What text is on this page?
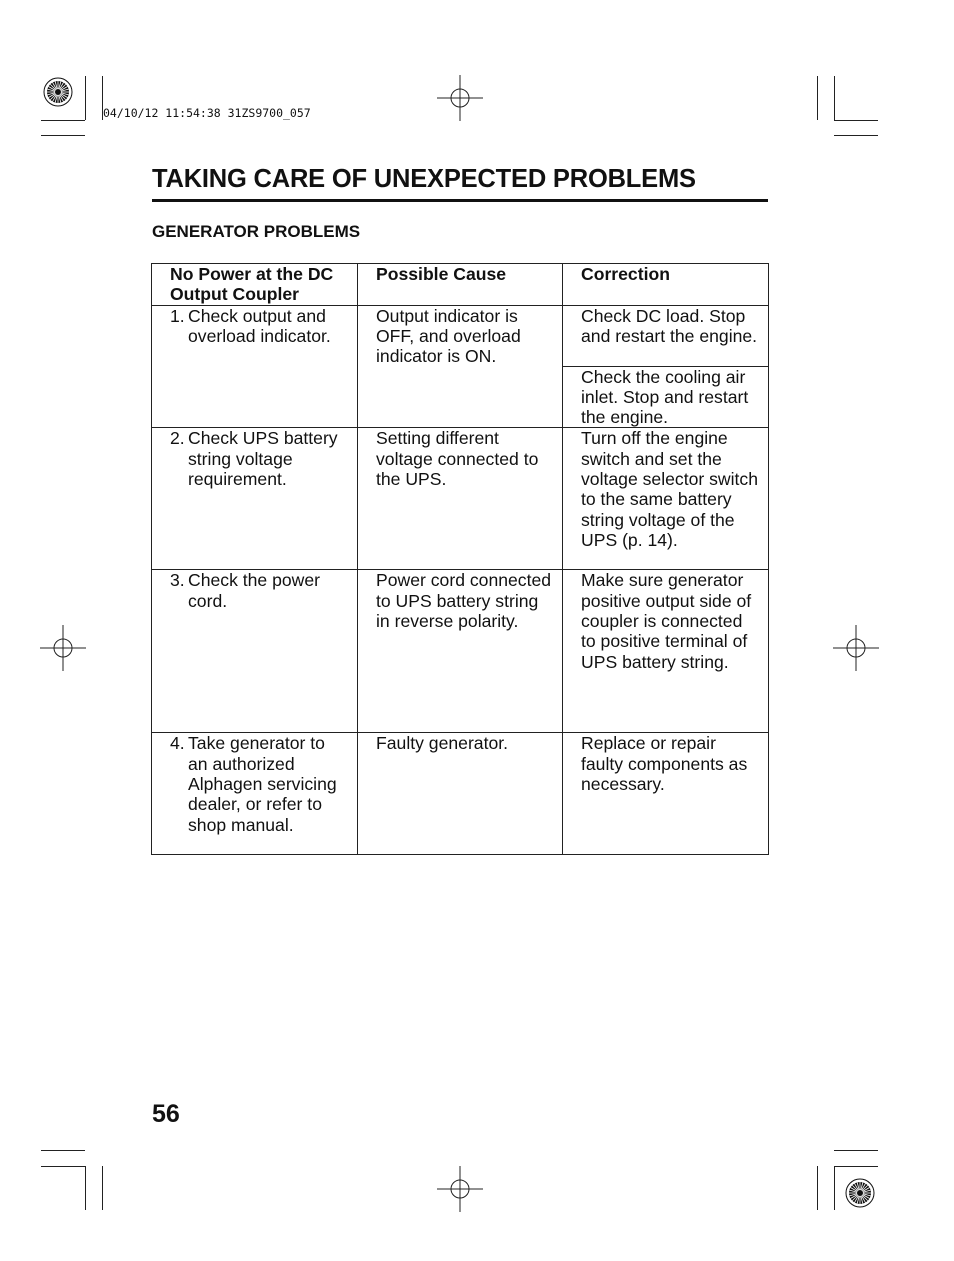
04/10/12 11:54:38 31ZS9700_057
TAKING CARE OF UNEXPECTED PROBLEMS
GENERATOR PROBLEMS
No Power at the DC Output Coupler	Possible Cause	Correction

1. Check output and overload indicator.	Output indicator is OFF, and overload indicator is ON.	Check DC load. Stop and restart the engine.
		Check the cooling air inlet. Stop and restart the engine.

2. Check UPS battery string voltage requirement.	Setting different voltage connected to the UPS.	Turn off the engine switch and set the voltage selector switch to the same battery string voltage of the UPS (p. 14).

3. Check the power cord.	Power cord connected to UPS battery string in reverse polarity.	Make sure generator positive output side of coupler is connected to positive terminal of UPS battery string.

4. Take generator to an authorized Alphagen servicing dealer, or refer to shop manual.	Faulty generator.	Replace or repair faulty components as necessary.
56
